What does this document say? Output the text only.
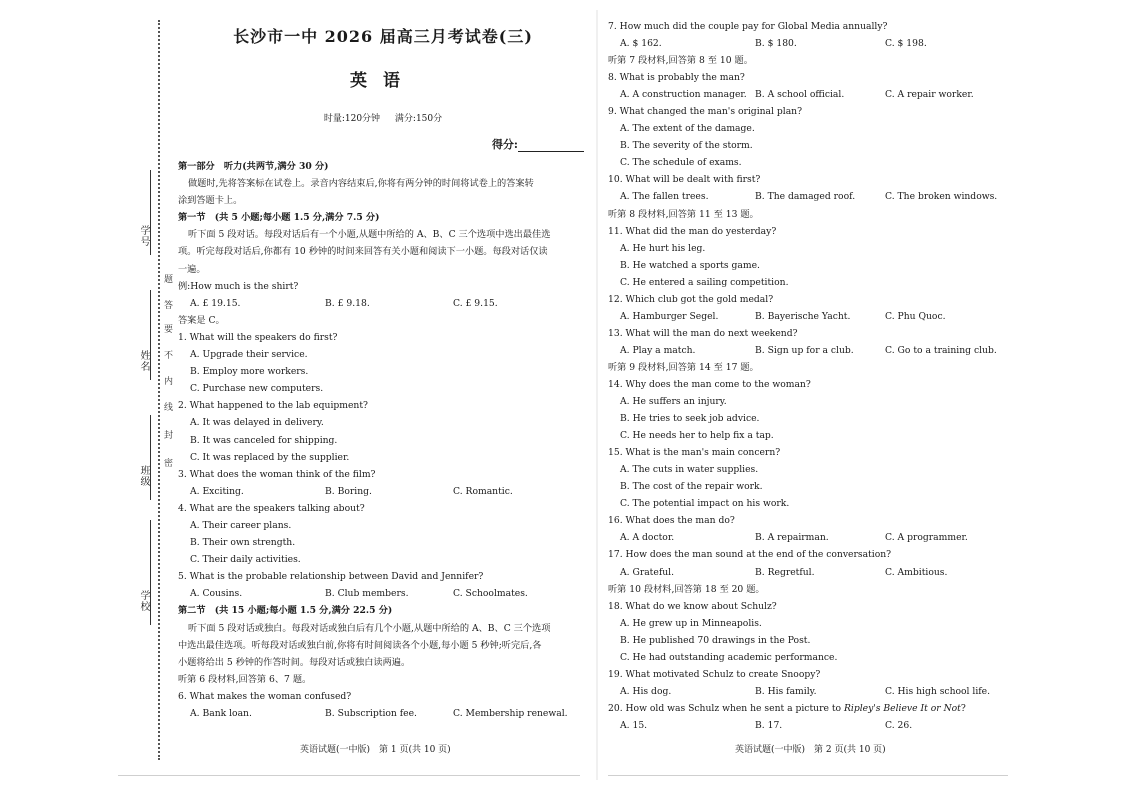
学号
姓名
班级
学校
题
答
要
不
内
线
封
密
长沙市一中 2026 届高三月考试卷(三)
英语
时量:120分钟 满分:150分
得分:
第一部分　听力(共两节,满分 30 分)
做题时,先将答案标在试卷上。录音内容结束后,你将有两分钟的时间将试卷上的答案转
涂到答题卡上。
第一节　(共 5 小题;每小题 1.5 分,满分 7.5 分)
听下面 5 段对话。每段对话后有一个小题,从题中所给的 A、B、C 三个选项中选出最佳选
项。听完每段对话后,你都有 10 秒钟的时间来回答有关小题和阅读下一小题。每段对话仅读
一遍。
例:How much is the shirt?
A. £ 19.15.	B. £ 9.18.	C. £ 9.15.
答案是 C。
1. What will the speakers do first?
A. Upgrade their service.
B. Employ more workers.
C. Purchase new computers.
2. What happened to the lab equipment?
A. It was delayed in delivery.
B. It was canceled for shipping.
C. It was replaced by the supplier.
3. What does the woman think of the film?
A. Exciting.	B. Boring.	C. Romantic.
4. What are the speakers talking about?
A. Their career plans.
B. Their own strength.
C. Their daily activities.
5. What is the probable relationship between David and Jennifer?
A. Cousins.	B. Club members.	C. Schoolmates.
第二节　(共 15 小题;每小题 1.5 分,满分 22.5 分)
听下面 5 段对话或独白。每段对话或独白后有几个小题,从题中所给的 A、B、C 三个选项
中选出最佳选项。听每段对话或独白前,你将有时间阅读各个小题,每小题 5 秒钟;听完后,各
小题将给出 5 秒钟的作答时间。每段对话或独白读两遍。
听第 6 段材料,回答第 6、7 题。
6. What makes the woman confused?
A. Bank loan.	B. Subscription fee.	C. Membership renewal.
英语试题(一中版)　第 1 页(共 10 页)
7. How much did the couple pay for Global Media annually?
A. $ 162.	B. $ 180.	C. $ 198.
听第 7 段材料,回答第 8 至 10 题。
8. What is probably the man?
A. A construction manager. B. A school official.	C. A repair worker.
9. What changed the man's original plan?
A. The extent of the damage.
B. The severity of the storm.
C. The schedule of exams.
10. What will be dealt with first?
A. The fallen trees.	B. The damaged roof.	C. The broken windows.
听第 8 段材料,回答第 11 至 13 题。
11. What did the man do yesterday?
A. He hurt his leg.
B. He watched a sports game.
C. He entered a sailing competition.
12. Which club got the gold medal?
A. Hamburger Segel.	B. Bayerische Yacht.	C. Phu Quoc.
13. What will the man do next weekend?
A. Play a match.	B. Sign up for a club.	C. Go to a training club.
听第 9 段材料,回答第 14 至 17 题。
14. Why does the man come to the woman?
A. He suffers an injury.
B. He tries to seek job advice.
C. He needs her to help fix a tap.
15. What is the man's main concern?
A. The cuts in water supplies.
B. The cost of the repair work.
C. The potential impact on his work.
16. What does the man do?
A. A doctor.	B. A repairman.	C. A programmer.
17. How does the man sound at the end of the conversation?
A. Grateful.	B. Regretful.	C. Ambitious.
听第 10 段材料,回答第 18 至 20 题。
18. What do we know about Schulz?
A. He grew up in Minneapolis.
B. He published 70 drawings in the Post.
C. He had outstanding academic performance.
19. What motivated Schulz to create Snoopy?
A. His dog.	B. His family.	C. His high school life.
20. How old was Schulz when he sent a picture to Ripley's Believe It or Not?
A. 15.	B. 17.	C. 26.
英语试题(一中版)　第 2 页(共 10 页)
